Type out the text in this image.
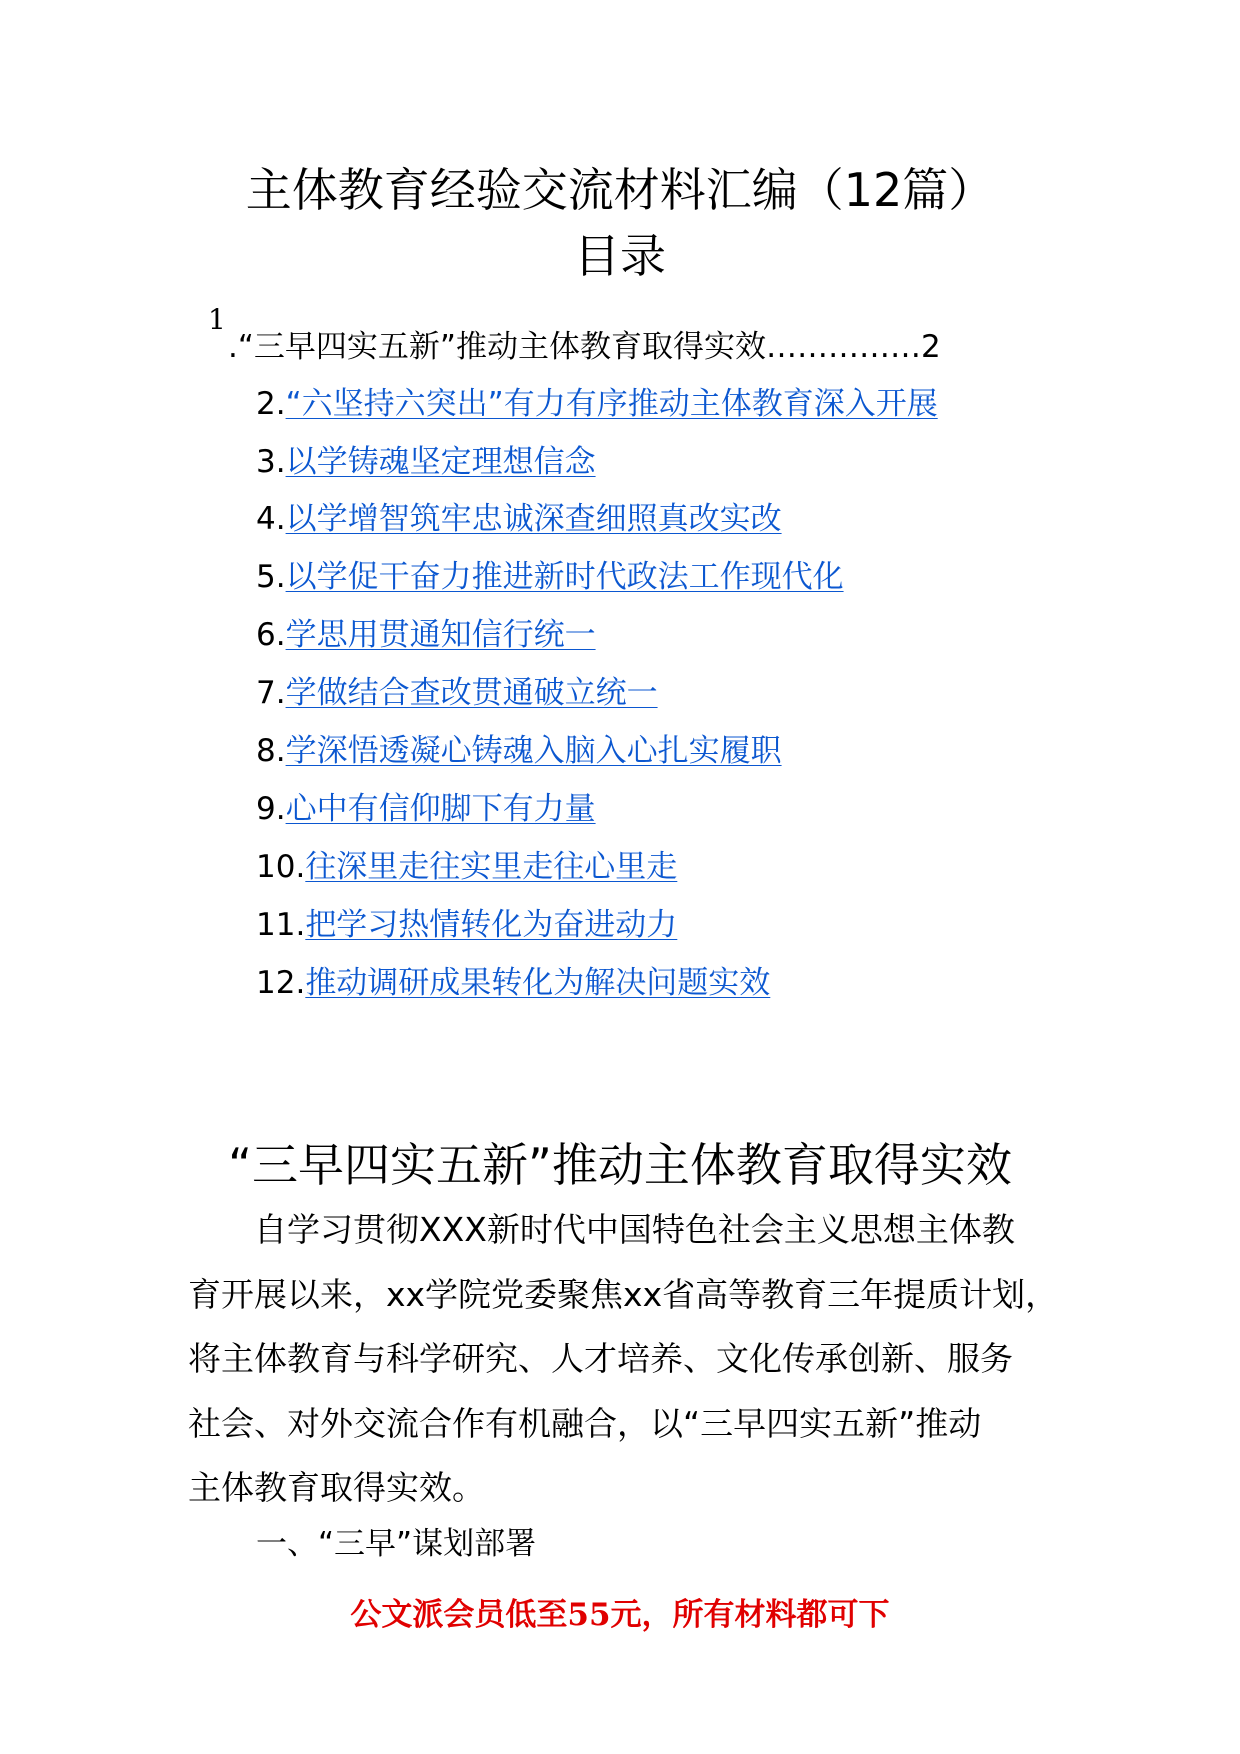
主体教育经验交流材料汇编（12篇）
目录
1
.“三早四实五新”推动主体教育取得实效……………2
2.“六坚持六突出”有力有序推动主体教育深入开展
3.以学铸魂坚定理想信念
4.以学增智筑牢忠诚深查细照真改实改
5.以学促干奋力推进新时代政法工作现代化
6.学思用贯通知信行统一
7.学做结合查改贯通破立统一
8.学深悟透凝心铸魂入脑入心扎实履职
9.心中有信仰脚下有力量
10.往深里走往实里走往心里走
11.把学习热情转化为奋进动力
12.推动调研成果转化为解决问题实效
“三早四实五新”推动主体教育取得实效
　　自学习贯彻XXX新时代中国特色社会主义思想主体教
育开展以来，xx学院党委聚焦xx省高等教育三年提质计划，
将主体教育与科学研究、人才培养、文化传承创新、服务
社会、对外交流合作有机融合，以“三早四实五新”推动
主体教育取得实效。
一、“三早”谋划部署
公文派会员低至55元，所有材料都可下
